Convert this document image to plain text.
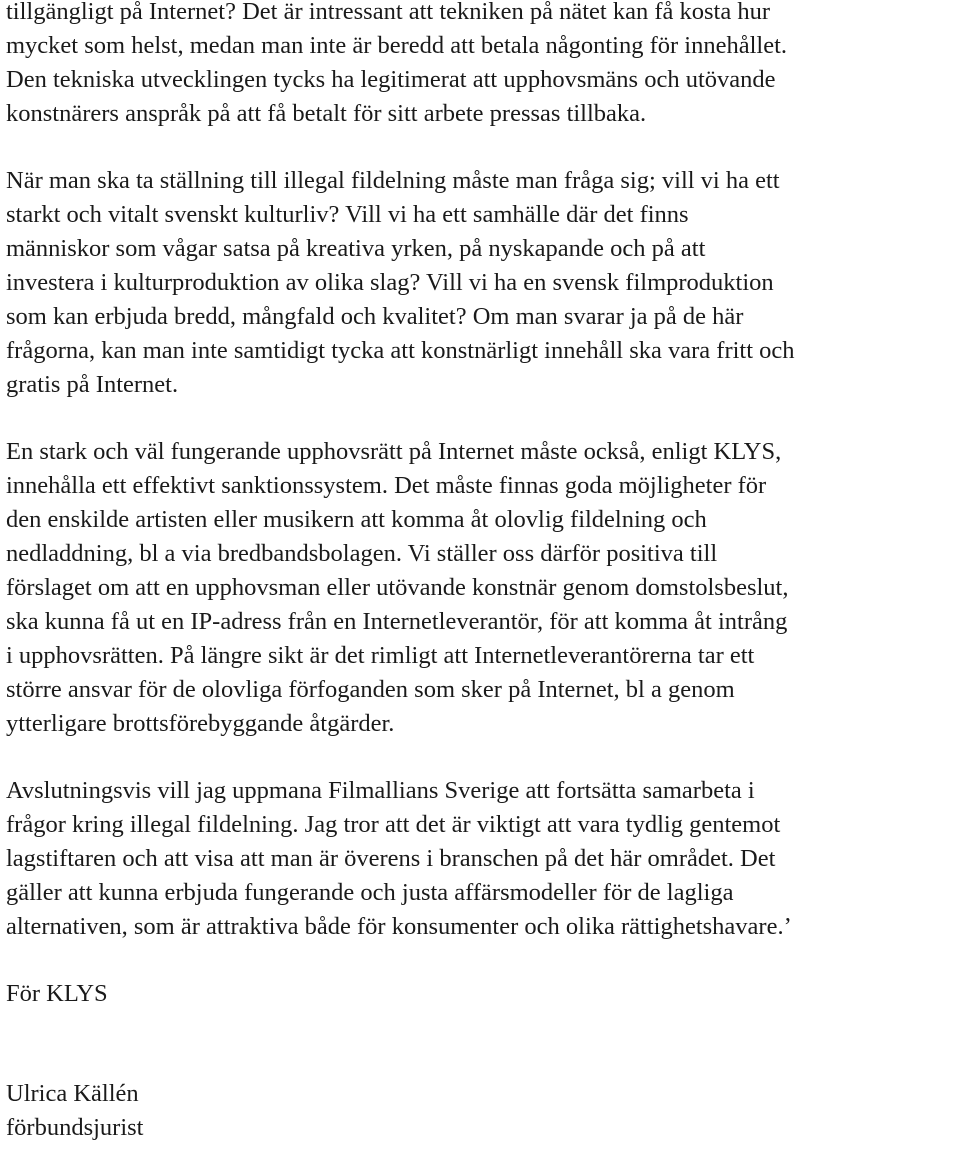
tillgängligt på Internet? Det är intressant att tekniken på nätet kan få kosta hur
mycket som helst, medan man inte är beredd att betala någonting för innehållet.
Den tekniska utvecklingen tycks ha legitimerat att upphovsmäns och utövande
konstnärers anspråk på att få betalt för sitt arbete pressas tillbaka.
När man ska ta ställning till illegal fildelning måste man fråga sig; vill vi ha ett
starkt och vitalt svenskt kulturliv? Vill vi ha ett samhälle där det finns
människor som vågar satsa på kreativa yrken, på nyskapande och på att
investera i kulturproduktion av olika slag? Vill vi ha en svensk filmproduktion
som kan erbjuda bredd, mångfald och kvalitet? Om man svarar ja på de här
frågorna, kan man inte samtidigt tycka att konstnärligt innehåll ska vara fritt och
gratis på Internet.
En stark och väl fungerande upphovsrätt på Internet måste också, enligt KLYS,
innehålla ett effektivt sanktionssystem. Det måste finnas goda möjligheter för
den enskilde artisten eller musikern att komma åt olovlig fildelning och
nedladdning, bl a via bredbandsbolagen. Vi ställer oss därför positiva till
förslaget om att en upphovsman eller utövande konstnär genom domstolsbeslut,
ska kunna få ut en IP-adress från en Internetleverantör, för att komma åt intrång
i upphovsrätten. På längre sikt är det rimligt att Internetleverantörerna tar ett
större ansvar för de olovliga förfoganden som sker på Internet, bl a genom
ytterligare brottsförebyggande åtgärder.
Avslutningsvis vill jag uppmana Filmallians Sverige att fortsätta samarbeta i
frågor kring illegal fildelning. Jag tror att det är viktigt att vara tydlig gentemot
lagstiftaren och att visa att man är överens i branschen på det här området. Det
gäller att kunna erbjuda fungerande och justa affärsmodeller för de lagliga
alternativen, som är attraktiva både för konsumenter och olika rättighetshavare.’
För KLYS
Ulrica Källén
förbundsjurist
